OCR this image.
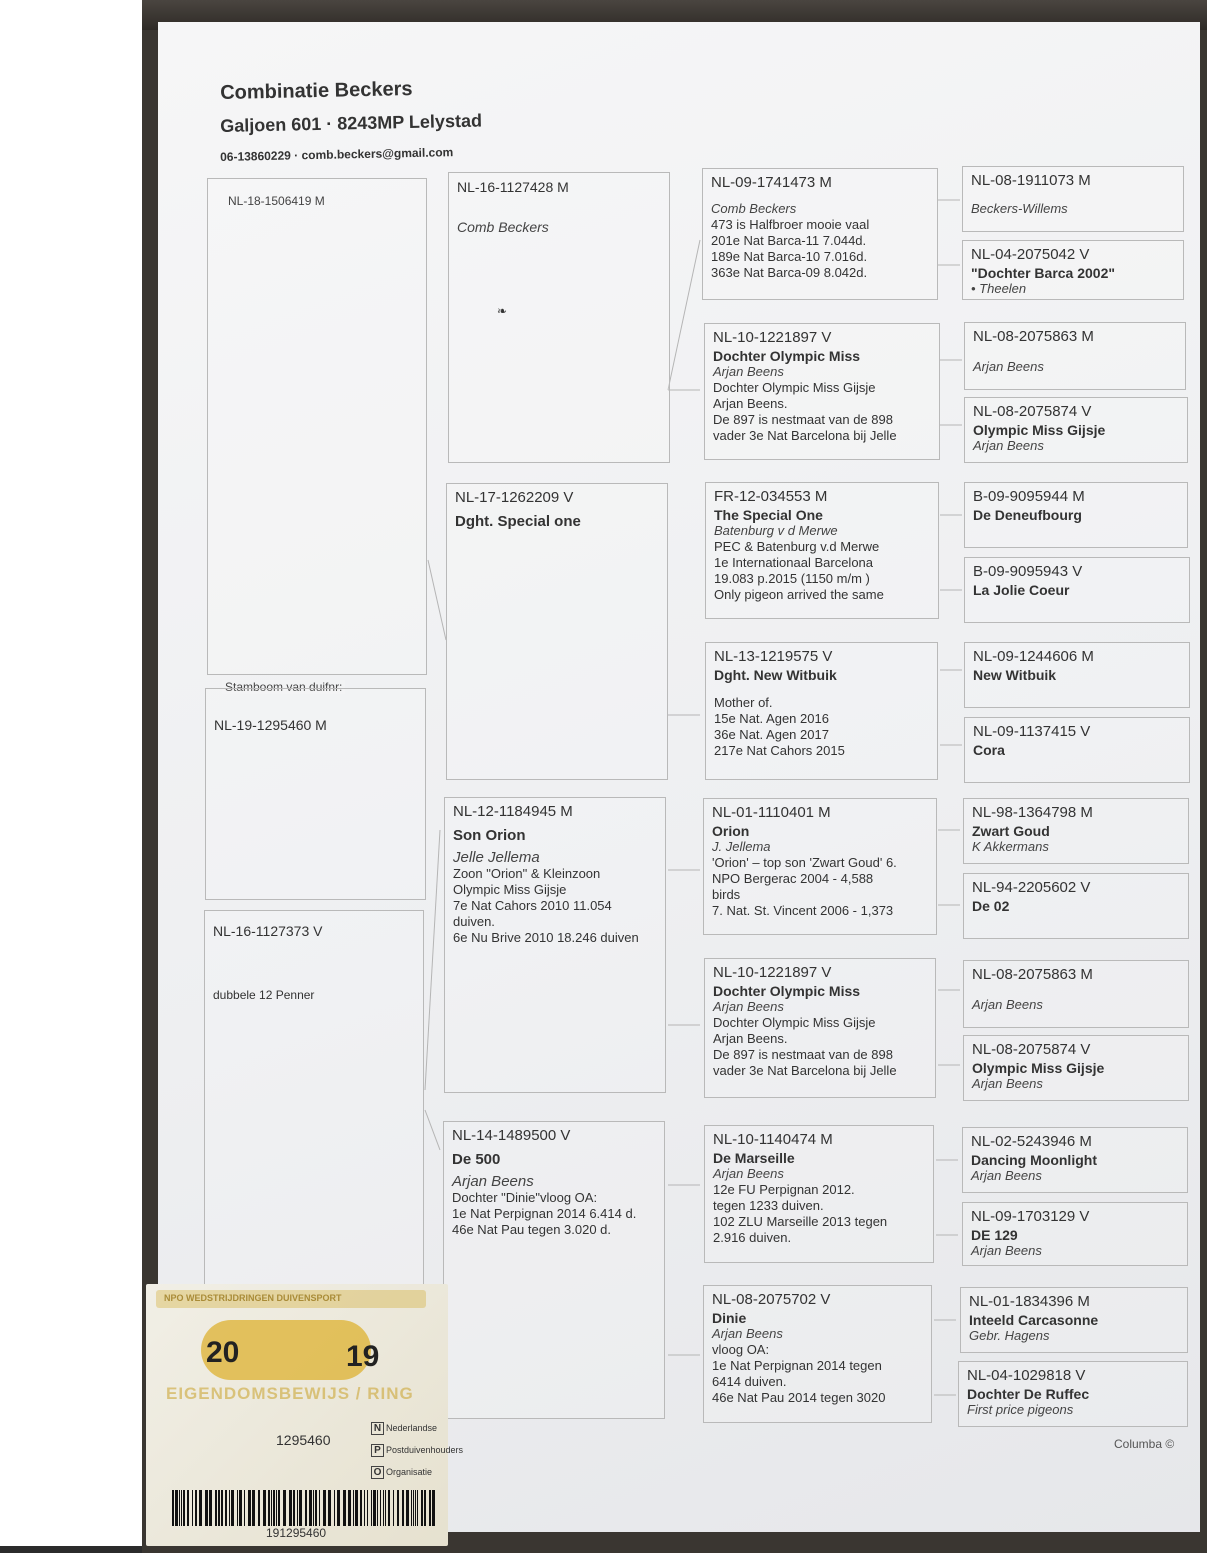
Combinatie Beckers
Galjoen 601 · 8243MP Lelystad
06-13860229 · comb.beckers@gmail.com
NL-18-1506419 M
Stamboom van duifnr:
NL-19-1295460 M
NL-16-1127373 V
dubbele 12 Penner
NL-16-1127428 M
Comb Beckers
❧
NL-17-1262209 V
Dght. Special one
NL-12-1184945 M
Son Orion
Jelle Jellema
Zoon "Orion" & Kleinzoon
Olympic Miss Gijsje
7e Nat Cahors 2010 11.054
duiven.
6e Nu Brive 2010 18.246 duiven
NL-14-1489500 V
De 500
Arjan Beens
Dochter "Dinie"vloog OA:
1e Nat Perpignan 2014 6.414 d.
46e Nat Pau tegen 3.020 d.
NL-09-1741473 M
Comb Beckers
473 is Halfbroer mooie vaal
201e Nat Barca-11 7.044d.
189e Nat Barca-10 7.016d.
363e Nat Barca-09 8.042d.
NL-10-1221897 V
Dochter Olympic Miss
Arjan Beens
Dochter Olympic Miss Gijsje
Arjan Beens.
De 897 is nestmaat van de 898
vader 3e Nat Barcelona bij Jelle
FR-12-034553 M
The Special One
Batenburg v d Merwe
PEC & Batenburg v.d Merwe
1e Internationaal Barcelona
19.083 p.2015 (1150 m/m )
Only pigeon arrived the same
NL-13-1219575 V
Dght. New Witbuik
Mother of.
15e Nat. Agen 2016
36e Nat. Agen 2017
217e Nat Cahors 2015
NL-01-1110401 M
Orion
J. Jellema
'Orion' – top son 'Zwart Goud' 6.
NPO Bergerac 2004 - 4,588
birds
7. Nat. St. Vincent 2006 - 1,373
NL-10-1221897 V
Dochter Olympic Miss
Arjan Beens
Dochter Olympic Miss Gijsje
Arjan Beens.
De 897 is nestmaat van de 898
vader 3e Nat Barcelona bij Jelle
NL-10-1140474 M
De Marseille
Arjan Beens
12e FU Perpignan 2012.
tegen 1233 duiven.
102 ZLU Marseille 2013 tegen
2.916 duiven.
NL-08-2075702 V
Dinie
Arjan Beens
vloog OA:
1e Nat Perpignan 2014 tegen
6414 duiven.
46e Nat Pau 2014 tegen 3020
NL-08-1911073 M
Beckers-Willems
NL-04-2075042 V
"Dochter Barca 2002"
• Theelen
NL-08-2075863 M
Arjan Beens
NL-08-2075874 V
Olympic Miss Gijsje
Arjan Beens
B-09-9095944 M
De Deneufbourg
B-09-9095943 V
La Jolie Coeur
NL-09-1244606 M
New Witbuik
NL-09-1137415 V
Cora
NL-98-1364798 M
Zwart Goud
K Akkermans
NL-94-2205602 V
De 02
NL-08-2075863 M
Arjan Beens
NL-08-2075874 V
Olympic Miss Gijsje
Arjan Beens
NL-02-5243946 M
Dancing Moonlight
Arjan Beens
NL-09-1703129 V
DE 129
Arjan Beens
NL-01-1834396 M
Inteeld Carcasonne
Gebr. Hagens
NL-04-1029818 V
Dochter De Ruffec
First price pigeons
NPO WEDSTRIJDRINGEN DUIVENSPORT
20	19
EIGENDOMSBEWIJS / RING
1295460
N Nederlandse
P Postduivenhouders
O Organisatie
191295460
Columba ©
